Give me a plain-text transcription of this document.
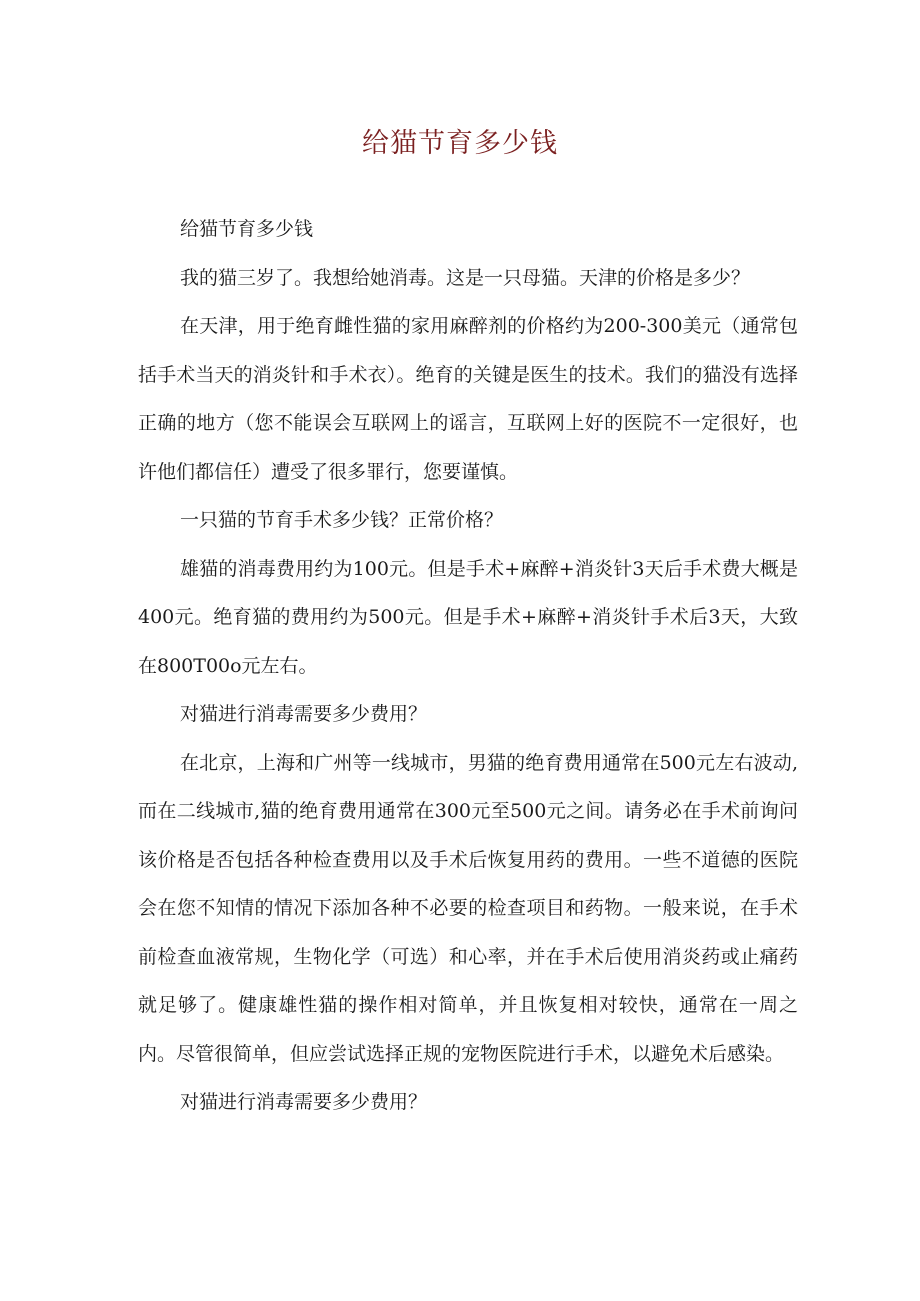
给猫节育多少钱

给猫节育多少钱

我的猫三岁了。我想给她消毒。这是一只母猫。天津的价格是多少？

在天津，用于绝育雌性猫的家用麻醉剂的价格约为200-300美元（通常包括手术当天的消炎针和手术衣）。绝育的关键是医生的技术。我们的猫没有选择正确的地方（您不能误会互联网上的谣言，互联网上好的医院不一定很好，也许他们都信任）遭受了很多罪行，您要谨慎。

一只猫的节育手术多少钱？正常价格？

雄猫的消毒费用约为100元。但是手术+麻醉+消炎针3天后手术费大概是400元。绝育猫的费用约为500元。但是手术+麻醉+消炎针手术后3天，大致在800T00o元左右。

对猫进行消毒需要多少费用？

在北京，上海和广州等一线城市，男猫的绝育费用通常在500元左右波动,而在二线城市,猫的绝育费用通常在300元至500元之间。请务必在手术前询问该价格是否包括各种检查费用以及手术后恢复用药的费用。一些不道德的医院会在您不知情的情况下添加各种不必要的检查项目和药物。一般来说，在手术前检查血液常规，生物化学（可选）和心率，并在手术后使用消炎药或止痛药就足够了。健康雄性猫的操作相对简单，并且恢复相对较快，通常在一周之内。尽管很简单，但应尝试选择正规的宠物医院进行手术，以避免术后感染。

对猫进行消毒需要多少费用？
